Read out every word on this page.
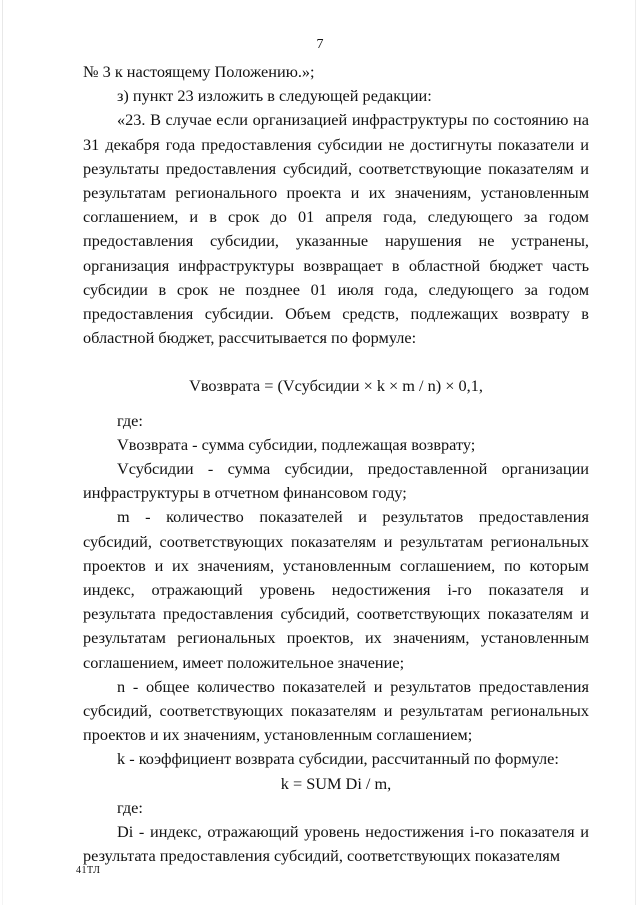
7

№ 3 к настоящему Положению.»;

з) пункт 23 изложить в следующей редакции:

«23. В случае если организацией инфраструктуры по состоянию на 31 декабря года предоставления субсидии не достигнуты показатели и результаты предоставления субсидий, соответствующие показателям и результатам регионального проекта и их значениям, установленным соглашением, и в срок до 01 апреля года, следующего за годом предоставления субсидии, указанные нарушения не устранены, организация инфраструктуры возвращает в областной бюджет часть субсидии в срок не позднее 01 июля года, следующего за годом предоставления субсидии. Объем средств, подлежащих возврату в областной бюджет, рассчитывается по формуле:

Vвозврата = (Vсубсидии × k × m / n) × 0,1,

где:

Vвозврата - сумма субсидии, подлежащая возврату;

Vсубсидии - сумма субсидии, предоставленной организации инфраструктуры в отчетном финансовом году;

m - количество показателей и результатов предоставления субсидий, соответствующих показателям и результатам региональных проектов и их значениям, установленным соглашением, по которым индекс, отражающий уровень недостижения i-го показателя и результата предоставления субсидий, соответствующих показателям и результатам региональных проектов, их значениям, установленным соглашением, имеет положительное значение;

n - общее количество показателей и результатов предоставления субсидий, соответствующих показателям и результатам региональных проектов и их значениям, установленным соглашением;

k - коэффициент возврата субсидии, рассчитанный по формуле:

k = SUM Di / m,

где:

Di - индекс, отражающий уровень недостижения i-го показателя и результата предоставления субсидий, соответствующих показателям

41ТЛ
